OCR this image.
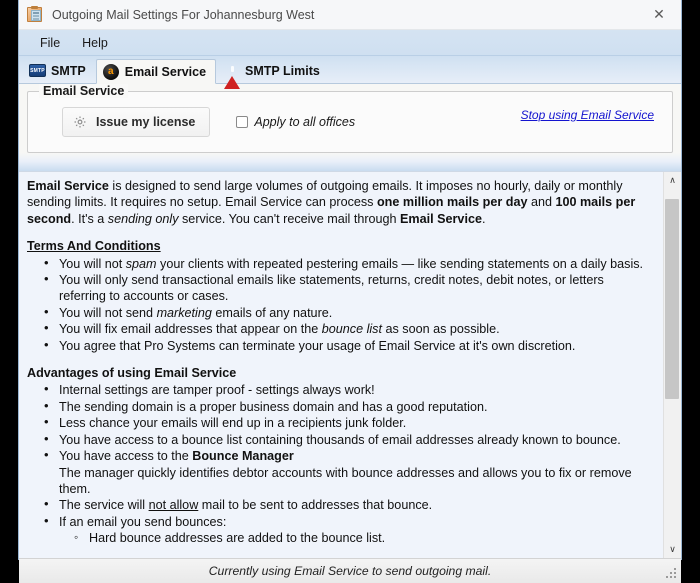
Outgoing Mail Settings For Johannesburg West	✕
File	Help
SMTP SMTP	a Email Service	SMTP Limits
Email Service
Issue my license	Apply to all offices	Stop using Email Service

Email Service is designed to send large volumes of outgoing emails. It imposes no hourly, daily or monthly sending limits. It requires no setup. Email Service can process one million mails per day and 100 mails per second. It's a sending only service. You can't receive mail through Email Service.

Terms And Conditions
• You will not spam your clients with repeated pestering emails — like sending statements on a daily basis.
• You will only send transactional emails like statements, returns, credit notes, debit notes, or letters referring to accounts or cases.
• You will not send marketing emails of any nature.
• You will fix email addresses that appear on the bounce list as soon as possible.
• You agree that Pro Systems can terminate your usage of Email Service at it's own discretion.
Advantages of using Email Service
• Internal settings are tamper proof - settings always work!
• The sending domain is a proper business domain and has a good reputation.
• Less chance your emails will end up in a recipients junk folder.
• You have access to a bounce list containing thousands of email addresses already known to bounce.
• You have access to the Bounce Manager
The manager quickly identifies debtor accounts with bounce addresses and allows you to fix or remove them.
• The service will not allow mail to be sent to addresses that bounce.
• If an email you send bounces:
◦ Hard bounce addresses are added to the bounce list.
∧
∨
Currently using Email Service to send outgoing mail.
